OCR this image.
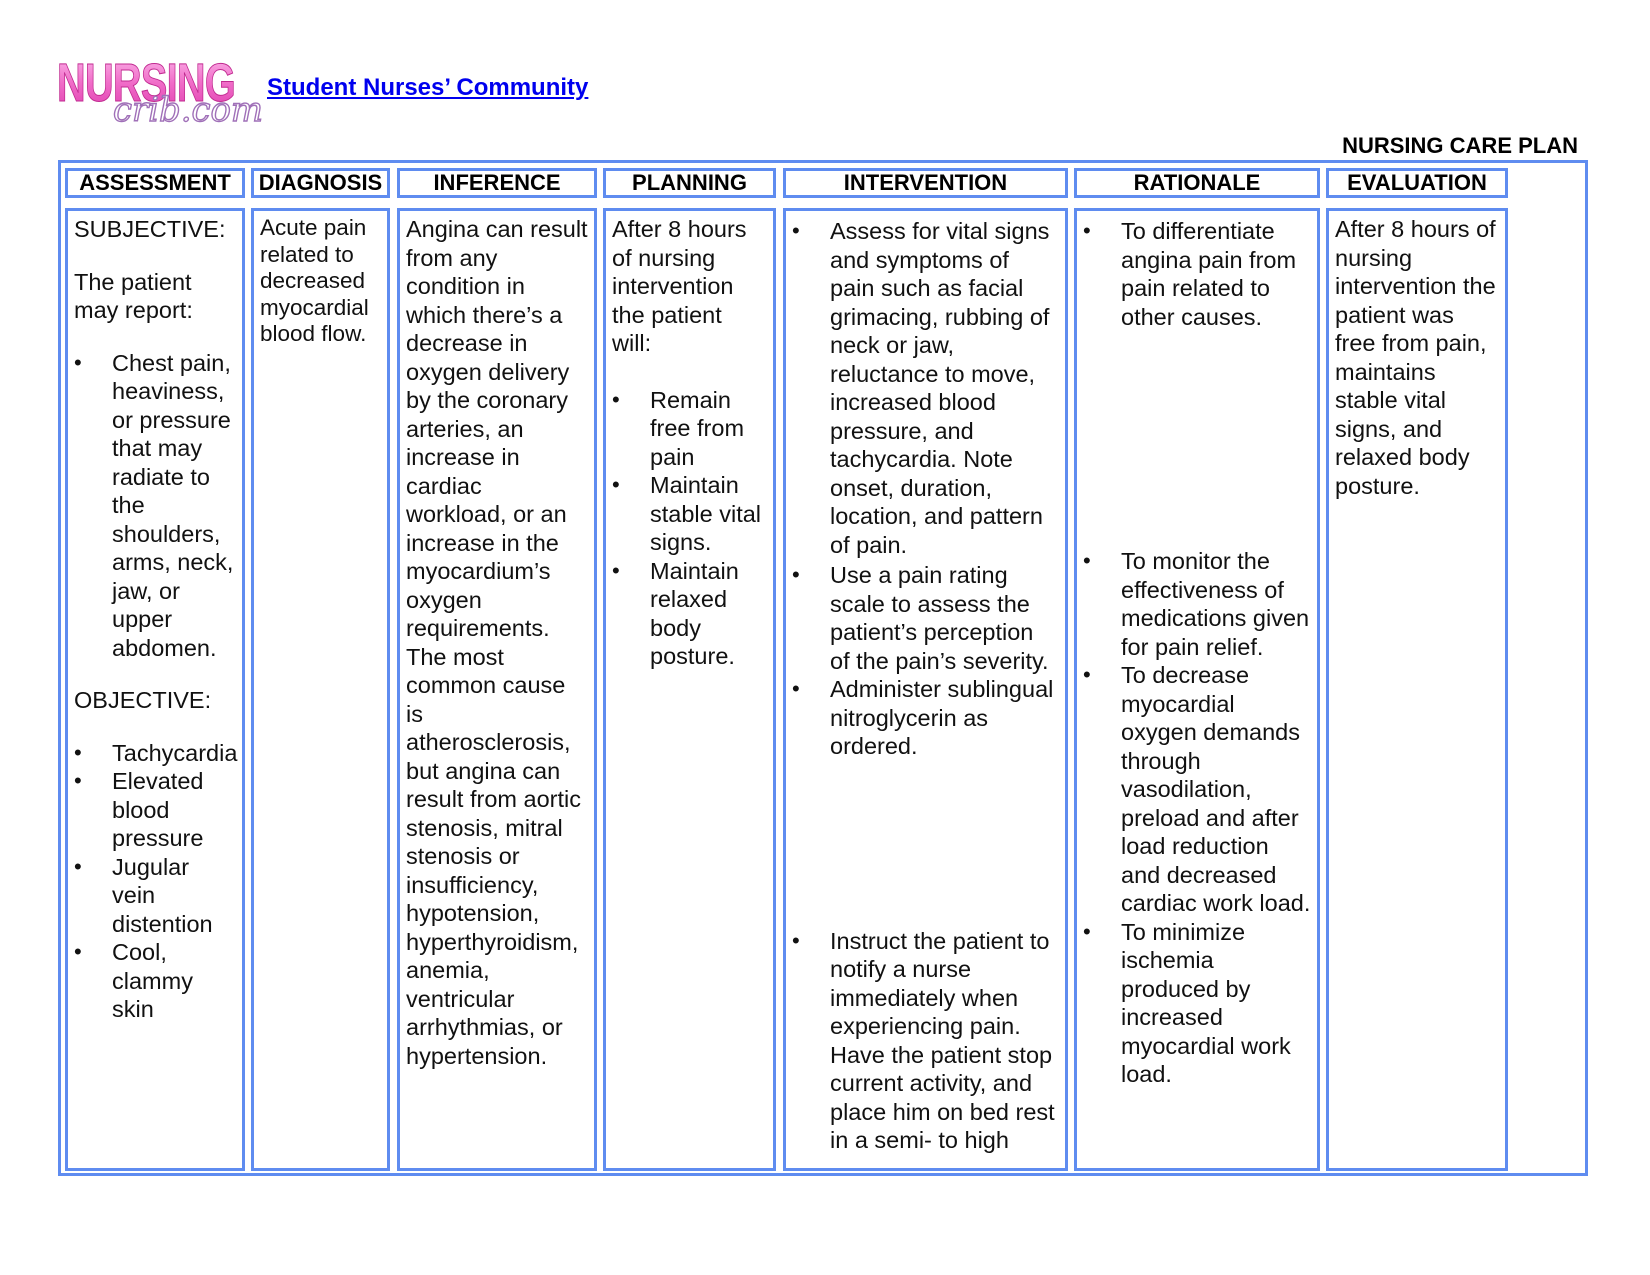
NURSING
crib.com
Student Nurses’ Community
NURSING CARE PLAN
ASSESSMENT

SUBJECTIVE:

The patient may report:

• Chest pain, heaviness, or pressure that may radiate to the shoulders, arms, neck, jaw, or upper abdomen.

OBJECTIVE:

• Tachycardia
• Elevated blood pressure
• Jugular vein distention
• Cool, clammy skin
DIAGNOSIS

Acute pain related to decreased myocardial blood flow.

INFERENCE

Angina can result from any condition in which there’s a decrease in oxygen delivery by the coronary arteries, an increase in cardiac workload, or an increase in the myocardium’s oxygen requirements. The most common cause is atherosclerosis, but angina can result from aortic stenosis, mitral stenosis or insufficiency, hypotension, hyperthyroidism, anemia, ventricular arrhythmias, or hypertension.

PLANNING

After 8 hours of nursing intervention the patient will:

• Remain free from pain
• Maintain stable vital signs.
• Maintain relaxed body posture.
INTERVENTION
• Assess for vital signs and symptoms of pain such as facial grimacing, rubbing of neck or jaw, reluctance to move, increased blood pressure, and tachycardia. Note onset, duration, location, and pattern of pain.
• Use a pain rating scale to assess the patient’s perception of the pain’s severity.
• Administer sublingual nitroglycerin as ordered.
• Instruct the patient to notify a nurse immediately when experiencing pain. Have the patient stop current activity, and place him on bed rest in a semi- to high
RATIONALE
• To differentiate angina pain from pain related to other causes.
• To monitor the effectiveness of medications given for pain relief.
• To decrease myocardial oxygen demands through vasodilation, preload and after load reduction and decreased cardiac work load.
• To minimize ischemia produced by increased myocardial work load.
EVALUATION

After 8 hours of nursing intervention the patient was free from pain, maintains stable vital signs, and relaxed body posture.
